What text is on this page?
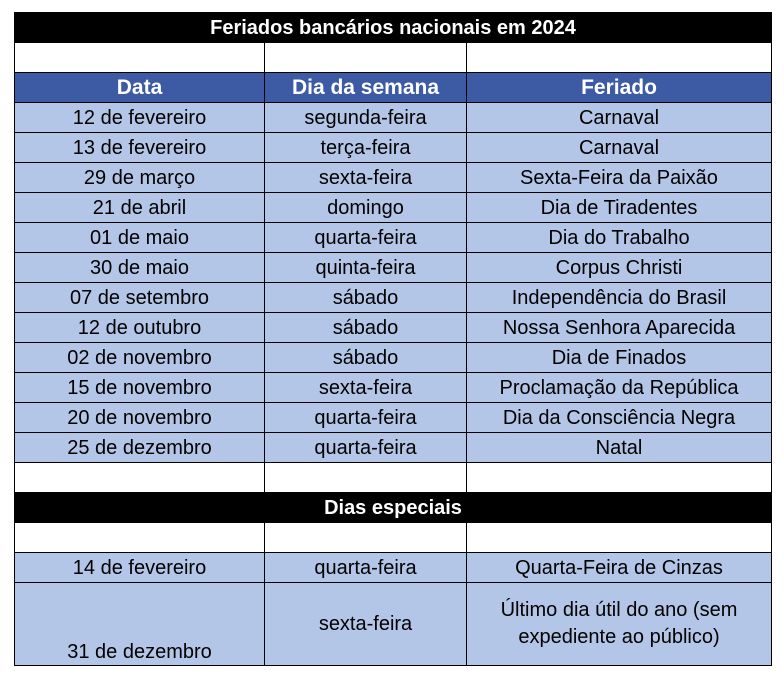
Feriados bancários nacionais em 2024		

Data	Dia da semana	Feriado
12 de fevereiro	segunda-feira	Carnaval
13 de fevereiro	terça-feira	Carnaval
29 de março	sexta-feira	Sexta-Feira da Paixão
21 de abril	domingo	Dia de Tiradentes
01 de maio	quarta-feira	Dia do Trabalho
30 de maio	quinta-feira	Corpus Christi
07 de setembro	sábado	Independência do Brasil
12 de outubro	sábado	Nossa Senhora Aparecida
02 de novembro	sábado	Dia de Finados
15 de novembro	sexta-feira	Proclamação da República
20 de novembro	quarta-feira	Dia da Consciência Negra
25 de dezembro	quarta-feira	Natal

Dias especiais		

14 de fevereiro	quarta-feira	Quarta-Feira de Cinzas
31 de dezembro	sexta-feira	Último dia útil do ano (sem expediente ao público)
